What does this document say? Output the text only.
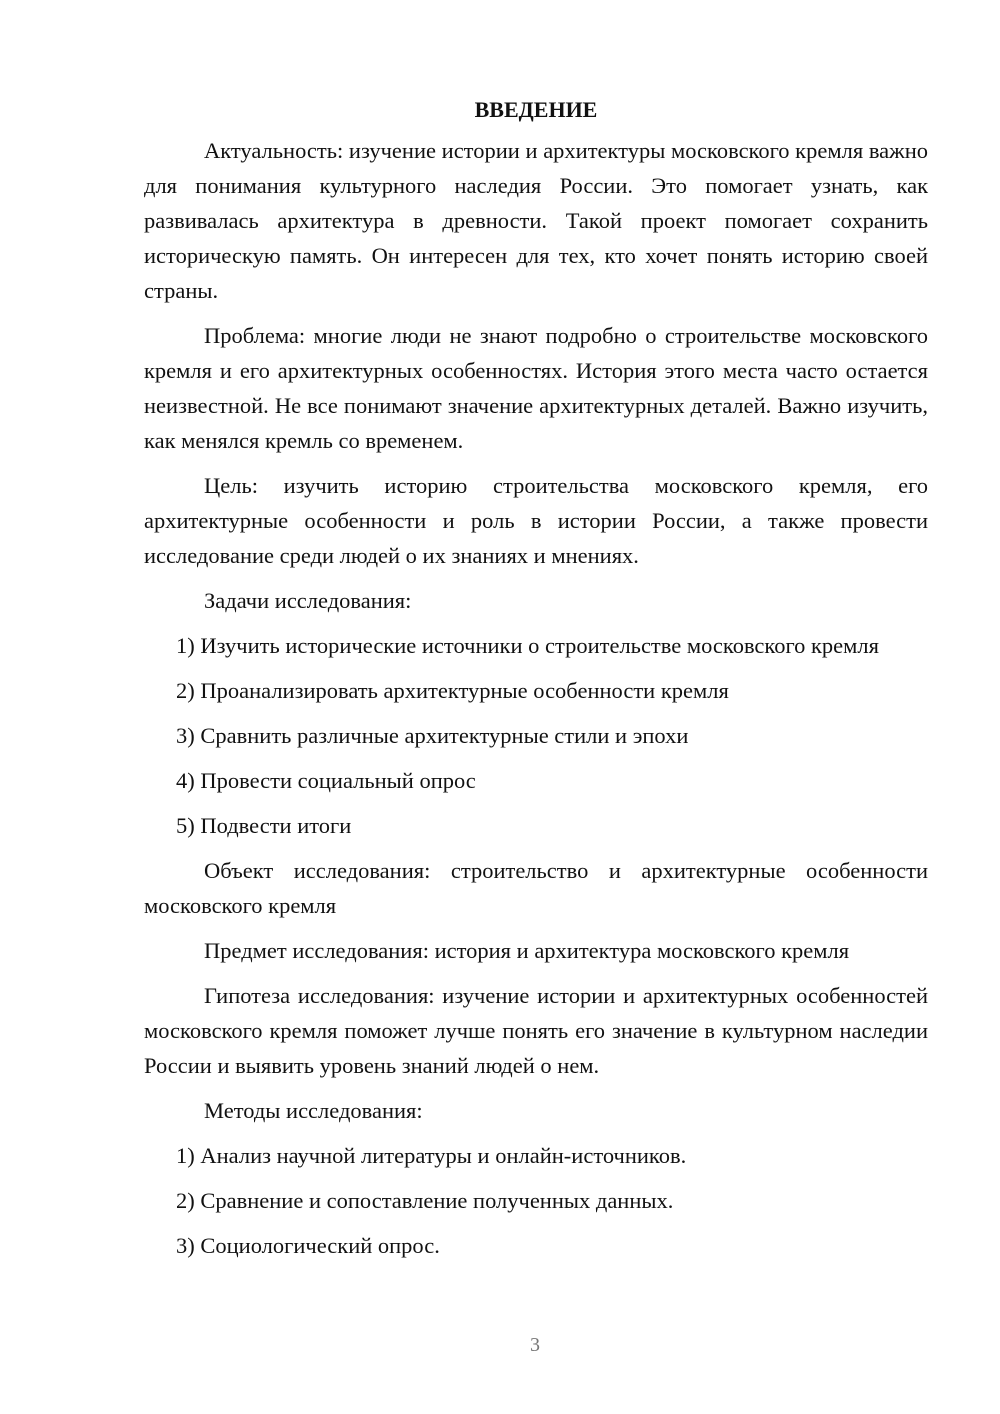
ВВЕДЕНИЕ

Актуальность: изучение истории и архитектуры московского кремля важно для понимания культурного наследия России. Это помогает узнать, как развивалась архитектура в древности. Такой проект помогает сохранить историческую память. Он интересен для тех, кто хочет понять историю своей страны.

Проблема: многие люди не знают подробно о строительстве московского кремля и его архитектурных особенностях. История этого места часто остается неизвестной. Не все понимают значение архитектурных деталей. Важно изучить, как менялся кремль со временем.

Цель: изучить историю строительства московского кремля, его архитектурные особенности и роль в истории России, а также провести исследование среди людей о их знаниях и мнениях.

Задачи исследования:

1) Изучить исторические источники о строительстве московского кремля

2) Проанализировать архитектурные особенности кремля

3) Сравнить различные архитектурные стили и эпохи

4) Провести социальный опрос

5) Подвести итоги

Объект исследования: строительство и архитектурные особенности московского кремля

Предмет исследования: история и архитектура московского кремля

Гипотеза исследования: изучение истории и архитектурных особенностей московского кремля поможет лучше понять его значение в культурном наследии России и выявить уровень знаний людей о нем.

Методы исследования:

1) Анализ научной литературы и онлайн-источников.

2) Сравнение и сопоставление полученных данных.

3) Социологический опрос.

3
